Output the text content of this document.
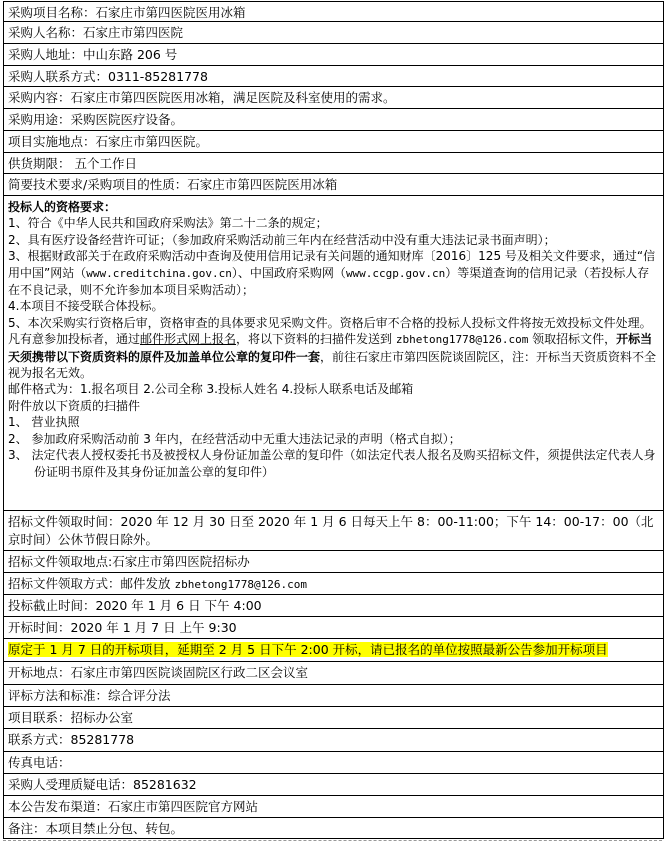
采购项目名称：石家庄市第四医院医用冰箱
采购人名称：石家庄市第四医院
采购人地址：中山东路 206 号
采购人联系方式：0311-85281778
采购内容：石家庄市第四医院医用冰箱，满足医院及科室使用的需求。
采购用途：采购医院医疗设备。
项目实施地点：石家庄市第四医院。
供货期限： 五个工作日
简要技术要求/采购项目的性质：石家庄市第四医院医用冰箱
投标人的资格要求：
1、符合《中华人民共和国政府采购法》第二十二条的规定；
2、具有医疗设备经营许可证；（参加政府采购活动前三年内在经营活动中没有重大违法记录书面声明）；
3、根据财政部关于在政府采购活动中查询及使用信用记录有关问题的通知财库〔2016〕125 号及相关文件要求，通过“信用中国”网站（www.creditchina.gov.cn）、中国政府采购网（www.ccgp.gov.cn）等渠道查询的信用记录（若投标人存在不良记录，则不允许参加本项目采购活动）；
4.本项目不接受联合体投标。
5、本次采购实行资格后审，资格审查的具体要求见采购文件。资格后审不合格的投标人投标文件将按无效投标文件处理。
凡有意参加投标者，通过邮件形式网上报名，将以下资料的扫描件发送到 zbhetong1778@126.com 领取招标文件，开标当天须携带以下资质资料的原件及加盖单位公章的复印件一套，前往石家庄市第四医院谈固院区，注：开标当天资质资料不全视为报名无效。
邮件格式为：1.报名项目 2.公司全称 3.投标人姓名 4.投标人联系电话及邮箱
附件放以下资质的扫描件
1、 营业执照
2、 参加政府采购活动前 3 年内，在经营活动中无重大违法记录的声明（格式自拟）；
3、 法定代表人授权委托书及被授权人身份证加盖公章的复印件（如法定代表人报名及购买招标文件，须提供法定代表人身份证明书原件及其身份证加盖公章的复印件）
招标文件领取时间：2020 年 12 月 30 日至 2020 年 1 月 6 日每天上午 8：00-11:00；下午 14：00-17：00（北京时间）公休节假日除外。
招标文件领取地点:石家庄市第四医院招标办
招标文件领取方式：邮件发放 zbhetong1778@126.com
投标截止时间：2020 年 1 月 6 日 下午 4:00
开标时间：2020 年 1 月 7 日 上午 9:30
原定于 1 月 7 日的开标项目，延期至 2 月 5 日下午 2:00 开标，请已报名的单位按照最新公告参加开标项目
开标地点：石家庄市第四医院谈固院区行政二区会议室
评标方法和标准：综合评分法
项目联系：招标办公室
联系方式：85281778
传真电话：
采购人受理质疑电话：85281632
本公告发布渠道：石家庄市第四医院官方网站
备注：本项目禁止分包、转包。
